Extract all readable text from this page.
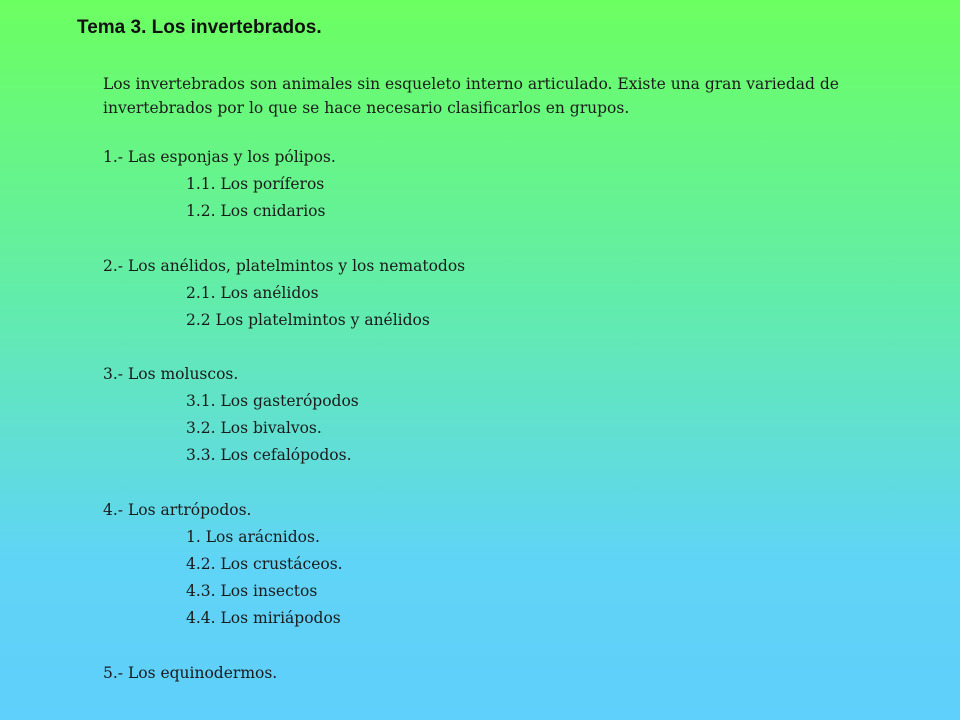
Tema 3. Los invertebrados.

Los invertebrados son animales sin esqueleto interno articulado. Existe una gran variedad de invertebrados por lo que se hace necesario clasificarlos en grupos.

1.- Las esponjas y los pólipos.
1.1. Los poríferos
1.2. Los cnidarios
2.- Los anélidos, platelmintos y los nematodos
2.1. Los anélidos
2.2 Los platelmintos y anélidos
3.- Los moluscos.
3.1. Los gasterópodos
3.2. Los bivalvos.
3.3. Los cefalópodos.
4.- Los artrópodos.
1. Los arácnidos.
4.2. Los crustáceos.
4.3. Los insectos
4.4. Los miriápodos
5.- Los equinodermos.
